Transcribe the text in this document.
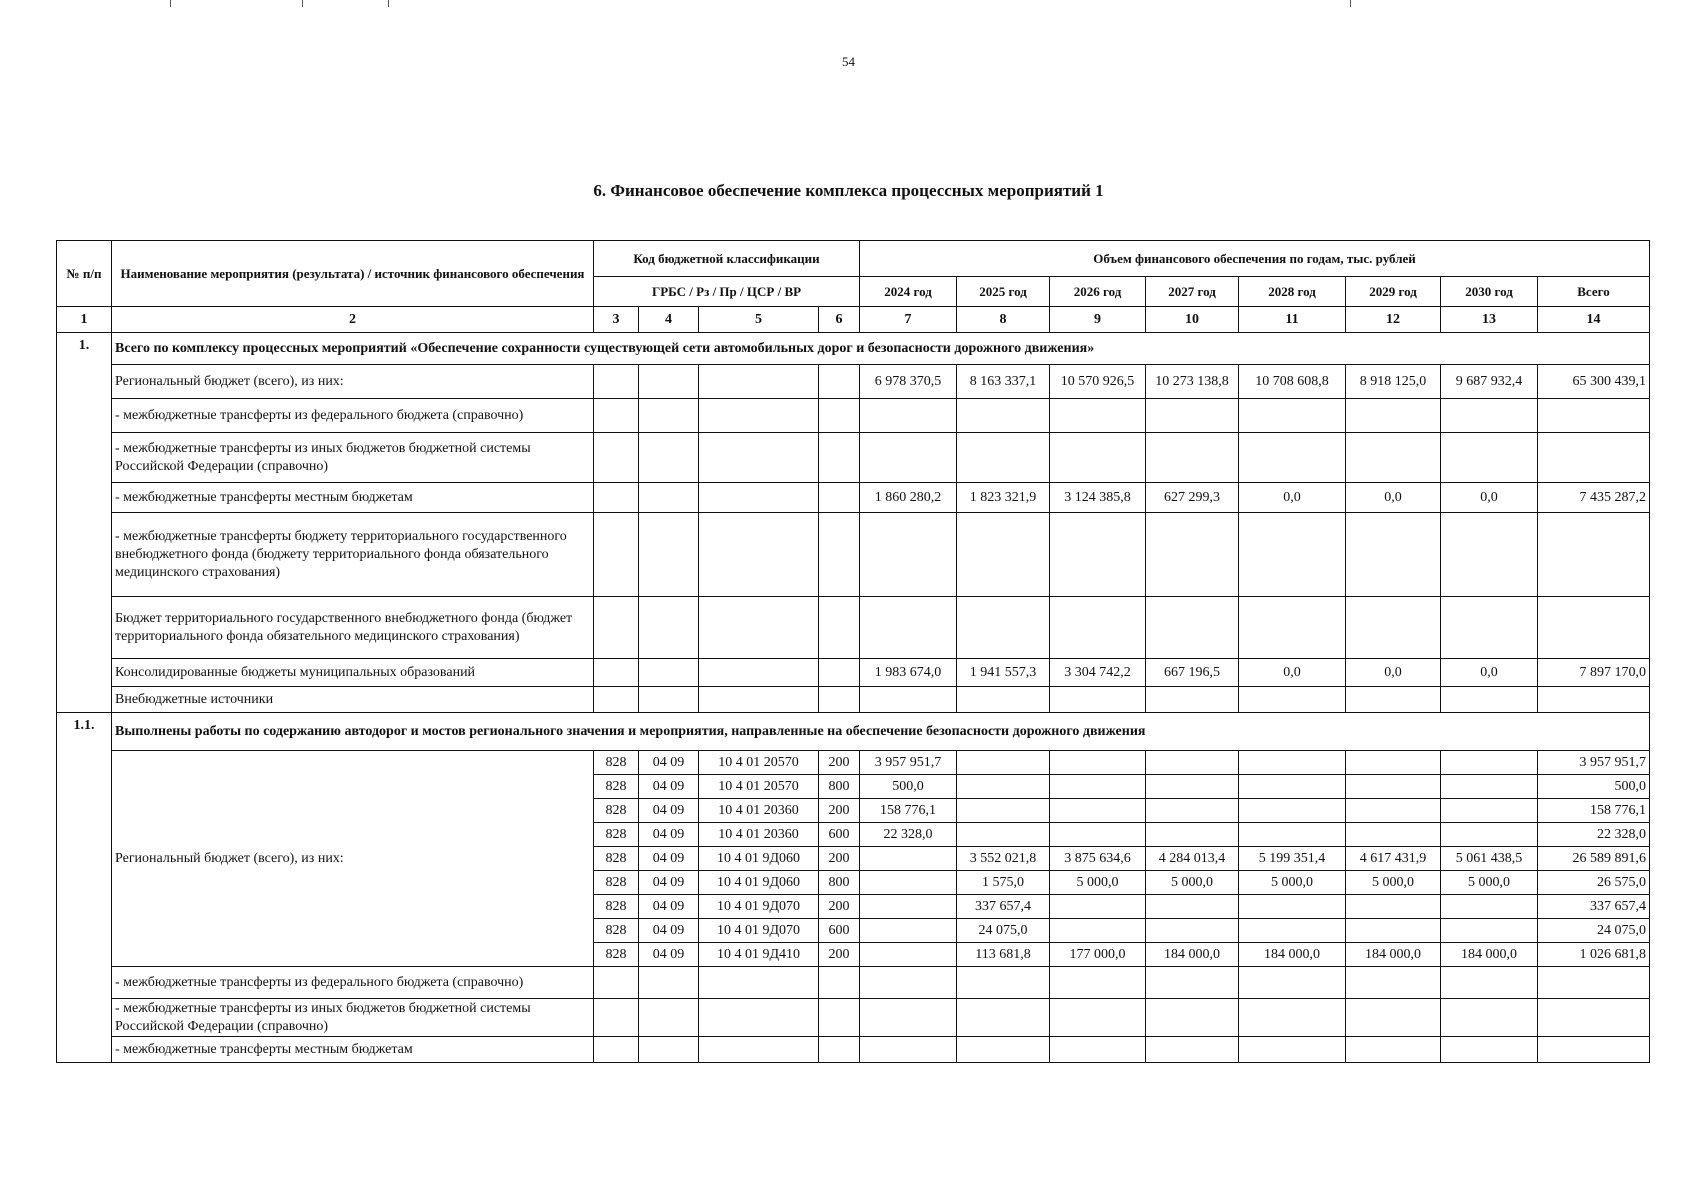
54
6. Финансовое обеспечение комплекса процессных мероприятий 1
№ п/п	Наименование мероприятия (результата) / источник финансового обеспечения	Код бюджетной классификации				Объем финансового обеспечения по годам, тыс. рублей							
		ГРБС / Рз / Пр / ЦСР / ВР				2024 год	2025 год	2026 год	2027 год	2028 год	2029 год	2030 год	Всего
1	2	3	4	5	6	7	8	9	10	11	12	13	14
1.	Всего по комплексу процессных мероприятий «Обеспечение сохранности существующей сети автомобильных дорог и безопасности дорожного движения»												
	Региональный бюджет (всего), из них:					6 978 370,5	8 163 337,1	10 570 926,5	10 273 138,8	10 708 608,8	8 918 125,0	9 687 932,4	65 300 439,1
	- межбюджетные трансферты из федерального бюджета (справочно)												
	- межбюджетные трансферты из иных бюджетов бюджетной системы Российской Федерации (справочно)												
	- межбюджетные трансферты местным бюджетам					1 860 280,2	1 823 321,9	3 124 385,8	627 299,3	0,0	0,0	0,0	7 435 287,2
	- межбюджетные трансферты бюджету территориального государственного внебюджетного фонда (бюджету территориального фонда обязательного медицинского страхования)												
	Бюджет территориального государственного внебюджетного фонда (бюджет территориального фонда обязательного медицинского страхования)												
	Консолидированные бюджеты муниципальных образований					1 983 674,0	1 941 557,3	3 304 742,2	667 196,5	0,0	0,0	0,0	7 897 170,0
	Внебюджетные источники												
1.1.	Выполнены работы по содержанию автодорог и мостов регионального значения и мероприятия, направленные на обеспечение безопасности дорожного движения												
	Региональный бюджет (всего), из них:	828	04 09	10 4 01 20570	200	3 957 951,7							3 957 951,7
		828	04 09	10 4 01 20570	800	500,0							500,0
		828	04 09	10 4 01 20360	200	158 776,1							158 776,1
		828	04 09	10 4 01 20360	600	22 328,0							22 328,0
		828	04 09	10 4 01 9Д060	200		3 552 021,8	3 875 634,6	4 284 013,4	5 199 351,4	4 617 431,9	5 061 438,5	26 589 891,6
		828	04 09	10 4 01 9Д060	800		1 575,0	5 000,0	5 000,0	5 000,0	5 000,0	5 000,0	26 575,0
		828	04 09	10 4 01 9Д070	200		337 657,4						337 657,4
		828	04 09	10 4 01 9Д070	600		24 075,0						24 075,0
		828	04 09	10 4 01 9Д410	200		113 681,8	177 000,0	184 000,0	184 000,0	184 000,0	184 000,0	1 026 681,8
	- межбюджетные трансферты из федерального бюджета (справочно)												
	- межбюджетные трансферты из иных бюджетов бюджетной системы Российской Федерации (справочно)												
	- межбюджетные трансферты местным бюджетам												
